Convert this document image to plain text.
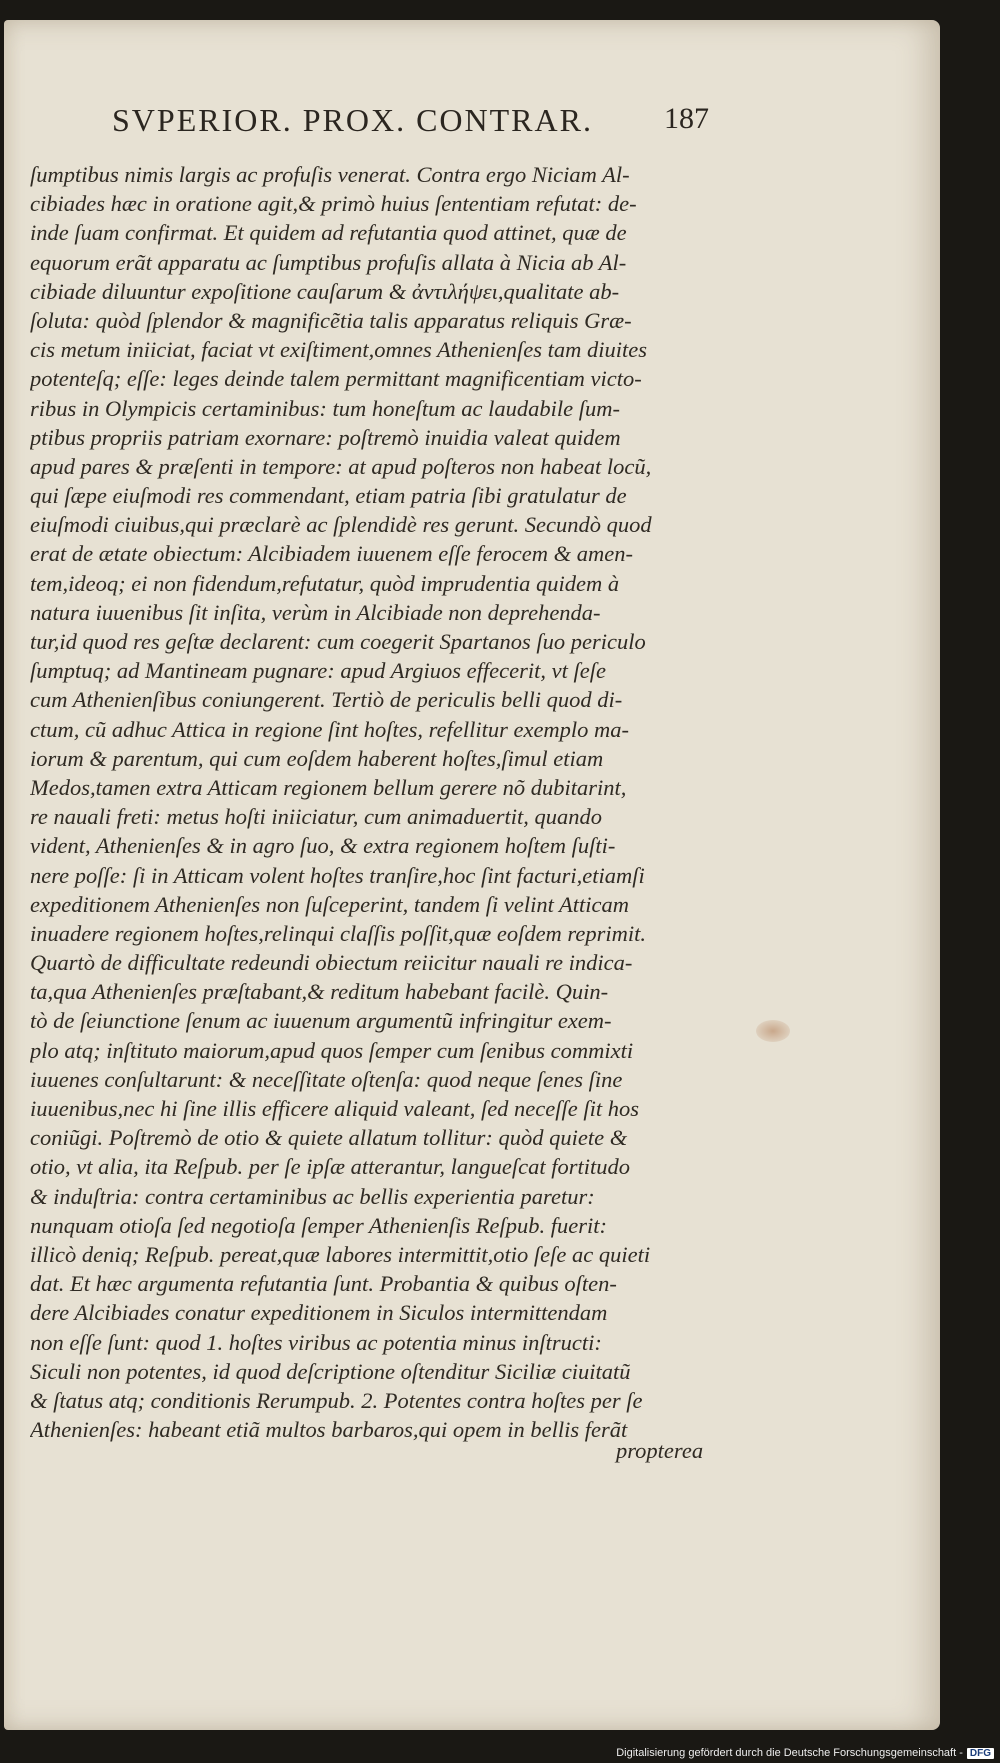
SVPERIOR. PROX. CONTRAR. 187
ſumptibus nimis largis ac profuſis venerat. Contra ergo Niciam Al-
cibiades hæc in oratione agit,& primò huius ſententiam refutat: de-
inde ſuam confirmat. Et quidem ad refutantia quod attinet, quæ de
equorum erãt apparatu ac ſumptibus profuſis allata à Nicia ab Al-
cibiade diluuntur expoſitione cauſarum & ἀντιλήψει,qualitate ab-
ſoluta: quòd ſplendor & magnificẽtia talis apparatus reliquis Græ-
cis metum iniiciat, faciat vt exiſtiment,omnes Athenienſes tam diuites
potenteſq; eſſe: leges deinde talem permittant magnificentiam victo-
ribus in Olympicis certaminibus: tum honeſtum ac laudabile ſum-
ptibus propriis patriam exornare: poſtremò inuidia valeat quidem
apud pares & præſenti in tempore: at apud poſteros non habeat locũ,
qui ſæpe eiuſmodi res commendant, etiam patria ſibi gratulatur de
eiuſmodi ciuibus,qui præclarè ac ſplendidè res gerunt. Secundò quod
erat de ætate obiectum: Alcibiadem iuuenem eſſe ferocem & amen-
tem,ideoq; ei non fidendum,refutatur, quòd imprudentia quidem à
natura iuuenibus ſit inſita, verùm in Alcibiade non deprehenda-
tur,id quod res geſtæ declarent: cum coegerit Spartanos ſuo periculo
ſumptuq; ad Mantineam pugnare: apud Argiuos effecerit, vt ſeſe
cum Athenienſibus coniungerent. Tertiò de periculis belli quod di-
ctum, cũ adhuc Attica in regione ſint hoſtes, refellitur exemplo ma-
iorum & parentum, qui cum eoſdem haberent hoſtes,ſimul etiam
Medos,tamen extra Atticam regionem bellum gerere nõ dubitarint,
re nauali freti: metus hoſti iniiciatur, cum animaduertit, quando
vident, Athenienſes & in agro ſuo, & extra regionem hoſtem ſuſti-
nere poſſe: ſi in Atticam volent hoſtes tranſire,hoc ſint facturi,etiamſi
expeditionem Athenienſes non ſuſceperint, tandem ſi velint Atticam
inuadere regionem hoſtes,relinqui claſſis poſſit,quæ eoſdem reprimit.
Quartò de difficultate redeundi obiectum reiicitur nauali re indica-
ta,qua Athenienſes præſtabant,& reditum habebant facilè. Quin-
tò de ſeiunctione ſenum ac iuuenum argumentũ infringitur exem-
plo atq; inſtituto maiorum,apud quos ſemper cum ſenibus commixti
iuuenes conſultarunt: & neceſſitate oſtenſa: quod neque ſenes ſine
iuuenibus,nec hi ſine illis efficere aliquid valeant, ſed neceſſe ſit hos
coniũgi. Poſtremò de otio & quiete allatum tollitur: quòd quiete &
otio, vt alia, ita Reſpub. per ſe ipſæ atterantur, langueſcat fortitudo
& induſtria: contra certaminibus ac bellis experientia paretur:
nunquam otioſa ſed negotioſa ſemper Athenienſis Reſpub. fuerit:
illicò deniq; Reſpub. pereat,quæ labores intermittit,otio ſeſe ac quieti
dat. Et hæc argumenta refutantia ſunt. Probantia & quibus oſten-
dere Alcibiades conatur expeditionem in Siculos intermittendam
non eſſe ſunt: quod 1. hoſtes viribus ac potentia minus inſtructi:
Siculi non potentes, id quod deſcriptione oſtenditur Siciliæ ciuitatũ
& ſtatus atq; conditionis Rerumpub. 2. Potentes contra hoſtes per ſe
Athenienſes: habeant etiã multos barbaros,qui opem in bellis ferãt
propterea
Digitalisierung gefördert durch die Deutsche Forschungsgemeinschaft - DFG
